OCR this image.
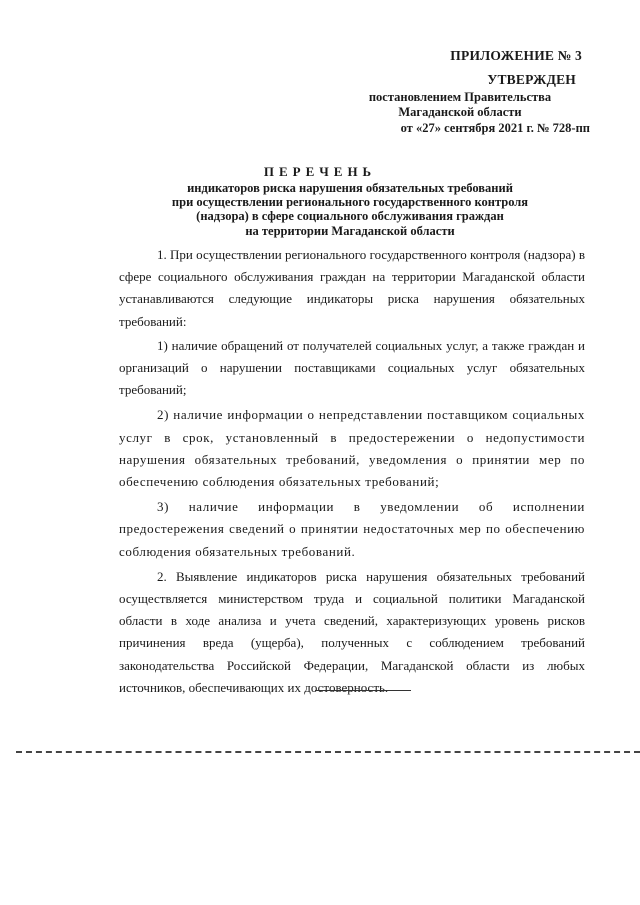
ПРИЛОЖЕНИЕ № 3
УТВЕРЖДЕН
постановлением Правительства
Магаданской области
от «27» сентября 2021 г. № 728-пп
ПЕРЕЧЕНЬ
индикаторов риска нарушения обязательных требований
при осуществлении регионального государственного контроля
(надзора) в сфере социального обслуживания граждан
на территории Магаданской области

1. При осуществлении регионального государственного контроля (надзора) в сфере социального обслуживания граждан на территории Магаданской области устанавливаются следующие индикаторы риска нарушения обязательных требований:

1) наличие обращений от получателей социальных услуг, а также граждан и организаций о нарушении поставщиками социальных услуг обязательных требований;

2) наличие информации о непредставлении поставщиком социальных услуг в срок, установленный в предостережении о недопустимости нарушения обязательных требований, уведомления о принятии мер по обеспечению соблюдения обязательных требований;

3) наличие информации в уведомлении об исполнении предостережения сведений о принятии недостаточных мер по обеспечению соблюдения обязательных требований.

2. Выявление индикаторов риска нарушения обязательных требований осуществляется министерством труда и социальной политики Магаданской области в ходе анализа и учета сведений, характеризующих уровень рисков причинения вреда (ущерба), полученных с соблюдением требований законодательства Российской Федерации, Магаданской области из любых источников, обеспечивающих их достоверность.
